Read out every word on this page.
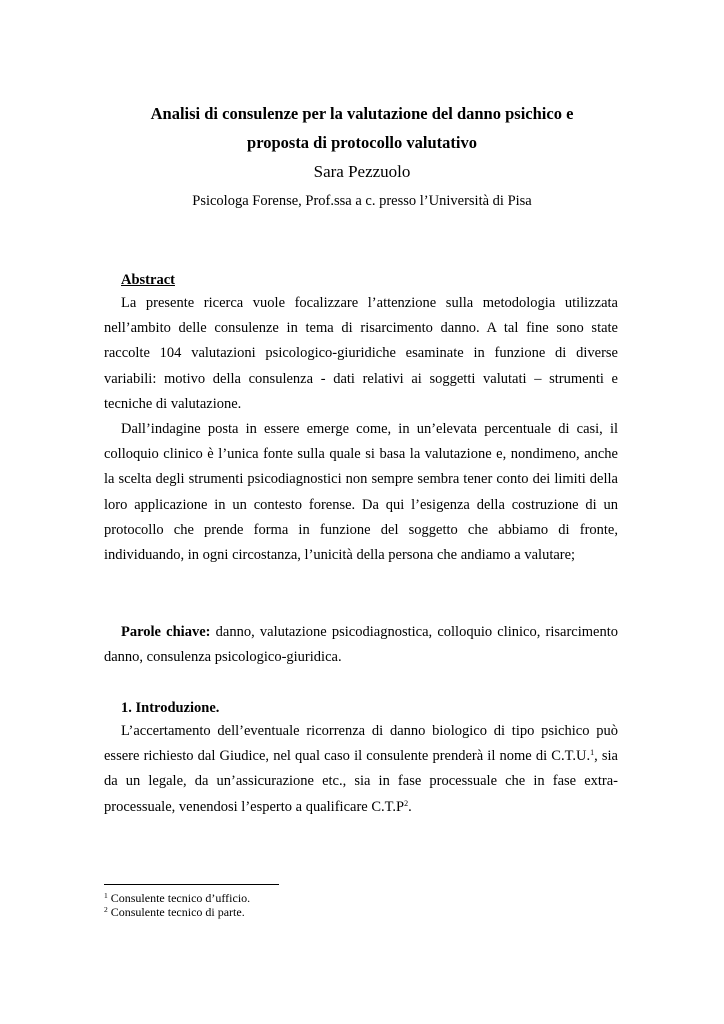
Analisi di consulenze per la valutazione del danno psichico e
proposta di protocollo valutativo
Sara Pezzuolo
Psicologa Forense, Prof.ssa a c. presso l’Università di Pisa
Abstract

La presente ricerca vuole focalizzare l’attenzione sulla metodologia utilizzata nell’ambito delle consulenze in tema di risarcimento danno. A tal fine sono state raccolte 104 valutazioni psicologico-giuridiche esaminate in funzione di diverse variabili: motivo della consulenza - dati relativi ai soggetti valutati – strumenti e tecniche di valutazione.

Dall’indagine posta in essere emerge come, in un’elevata percentuale di casi, il colloquio clinico è l’unica fonte sulla quale si basa la valutazione e, nondimeno, anche la scelta degli strumenti psicodiagnostici non sempre sembra tener conto dei limiti della loro applicazione in un contesto forense. Da qui l’esigenza della costruzione di un protocollo che prende forma in funzione del soggetto che abbiamo di fronte, individuando, in ogni circostanza, l’unicità della persona che andiamo a valutare;

Parole chiave: danno, valutazione psicodiagnostica, colloquio clinico, risarcimento danno, consulenza psicologico-giuridica.

1. Introduzione.

L’accertamento dell’eventuale ricorrenza di danno biologico di tipo psichico può essere richiesto dal Giudice, nel qual caso il consulente prenderà il nome di C.T.U.$^1$, sia da un legale, da un’assicurazione etc., sia in fase processuale che in fase extra-processuale, venendosi l’esperto a qualificare $C.T.P^2$.

$^1$ Consulente tecnico d’ufficio.
$^2$ Consulente tecnico di parte.
